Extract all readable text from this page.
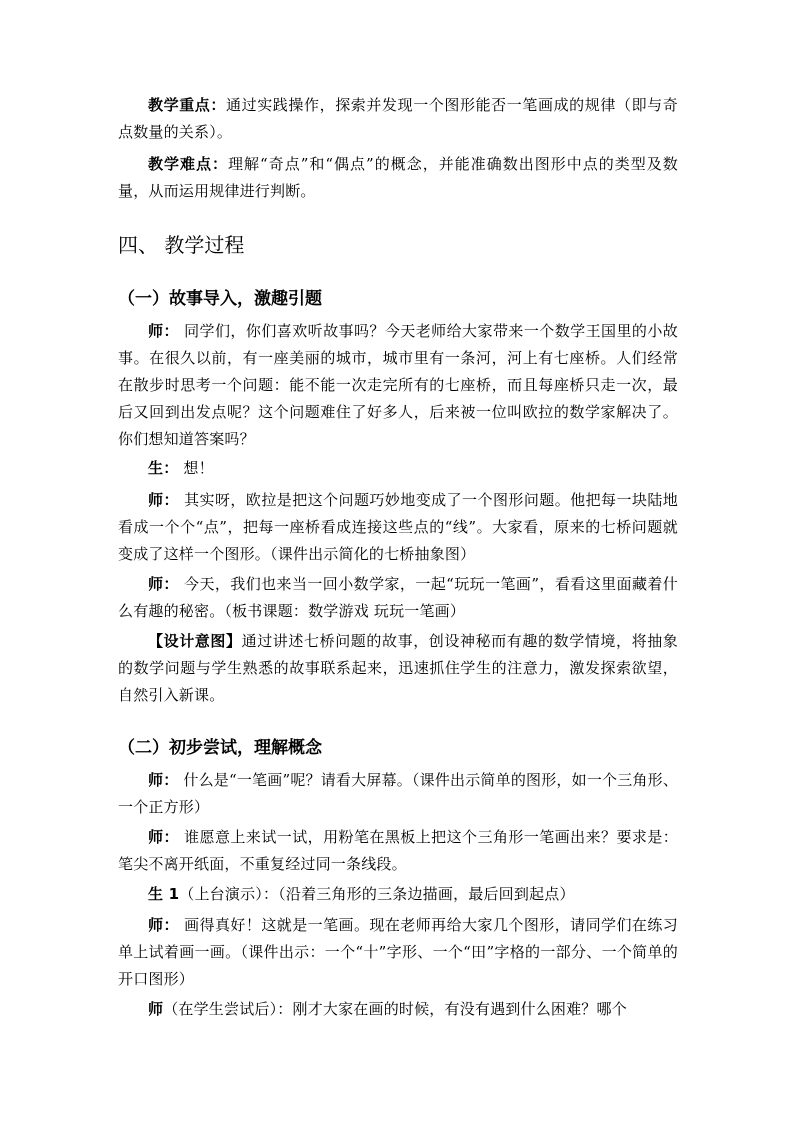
教学重点：通过实践操作，探索并发现一个图形能否一笔画成的规律（即与奇点数量的关系）。

教学难点：理解“奇点”和“偶点”的概念，并能准确数出图形中点的类型及数量，从而运用规律进行判断。

四、 教学过程
（一）故事导入，激趣引题

师： 同学们，你们喜欢听故事吗？今天老师给大家带来一个数学王国里的小故事。在很久以前，有一座美丽的城市，城市里有一条河，河上有七座桥。人们经常在散步时思考一个问题：能不能一次走完所有的七座桥，而且每座桥只走一次，最后又回到出发点呢？这个问题难住了好多人，后来被一位叫欧拉的数学家解决了。你们想知道答案吗？

生： 想！

师： 其实呀，欧拉是把这个问题巧妙地变成了一个图形问题。他把每一块陆地看成一个个“点”，把每一座桥看成连接这些点的“线”。大家看，原来的七桥问题就变成了这样一个图形。（课件出示简化的七桥抽象图）

师： 今天，我们也来当一回小数学家，一起“玩玩一笔画”，看看这里面藏着什么有趣的秘密。（板书课题：数学游戏 玩玩一笔画）

【设计意图】通过讲述七桥问题的故事，创设神秘而有趣的数学情境，将抽象的数学问题与学生熟悉的故事联系起来，迅速抓住学生的注意力，激发探索欲望，自然引入新课。

（二）初步尝试，理解概念

师： 什么是“一笔画”呢？请看大屏幕。（课件出示简单的图形，如一个三角形、一个正方形）

师： 谁愿意上来试一试，用粉笔在黑板上把这个三角形一笔画出来？要求是：笔尖不离开纸面，不重复经过同一条线段。

生 1（上台演示）：（沿着三角形的三条边描画，最后回到起点）

师： 画得真好！这就是一笔画。现在老师再给大家几个图形，请同学们在练习单上试着画一画。（课件出示：一个“十”字形、一个“田”字格的一部分、一个简单的开口图形）

师（在学生尝试后）：刚才大家在画的时候，有没有遇到什么困难？哪个
